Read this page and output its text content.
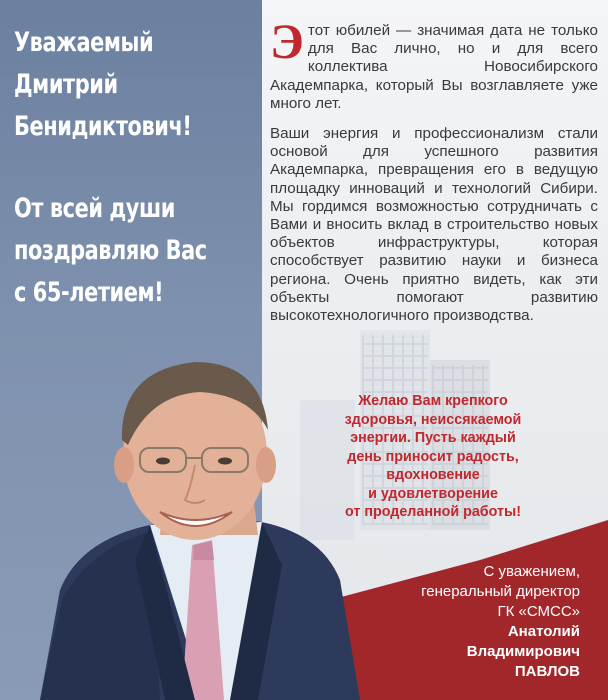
Уважаемый
Дмитрий
Бенидиктович!
От всей души
поздравляю Вас
с 65-летием!

Этот юбилей — значимая дата не только для Вас лично, но и для всего коллектива Новосибирского Академпарка, который Вы возглавляете уже много лет.

Ваши энергия и профессионализм стали основой для успешного развития Академпарка, превращения его в ведущую площадку инноваций и технологий Сибири. Мы гордимся возможностью сотрудничать с Вами и вносить вклад в строительство новых объектов инфраструктуры, которая способствует развитию науки и бизнеса региона. Очень приятно видеть, как эти объекты помогают развитию высокотехнологичного производства.

Желаю Вам крепкого
здоровья, неиссякаемой
энергии. Пусть каждый
день приносит радость,
вдохновение
и удовлетворение
от проделанной работы!
С уважением,
генеральный директор
ГК «СМСС»
Анатолий
Владимирович
ПАВЛОВ
